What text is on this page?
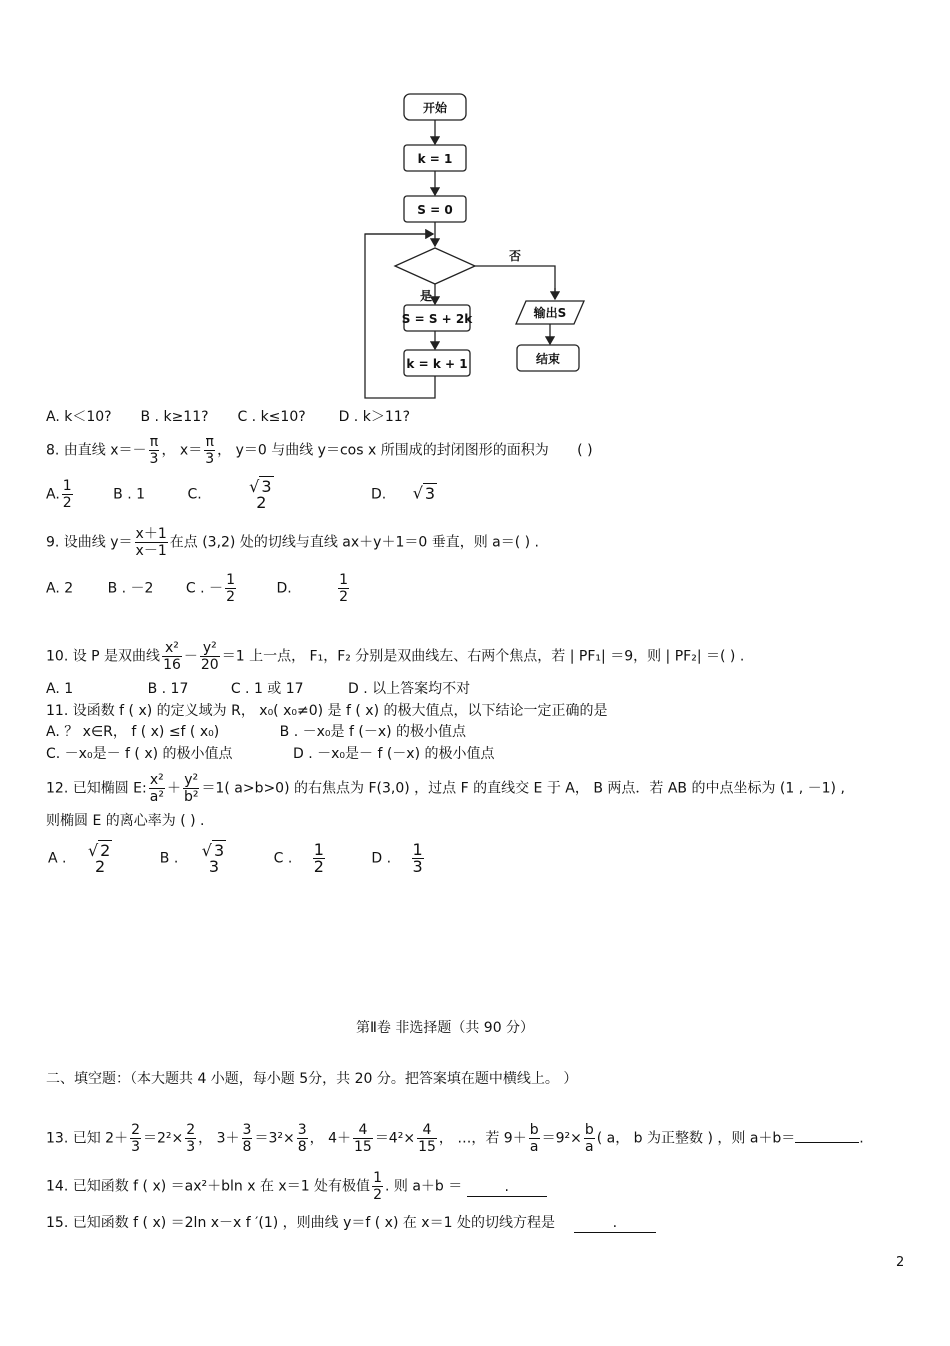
开始
k = 1
S = 0
否
是
S = S + 2k
k = k + 1
输出S
结束
A. k＜10? B . k≥11? C . k≤10? D . k＞11?
8. 由直线 $x=- \frac{\pi}{3}$ ， $x= \frac{\pi}{3}$ ， y＝0 与曲线 y＝cos x 所围成的封闭图形的面积为 ( )
A. $\frac{1}{2}$	B . 1	C.	√ 3
2	D. √ 3
9. 设曲线 $y= \frac{x+1}{x-1}$ 在点 (3,2) 处的切线与直线 ax＋y＋1＝0 垂直，则 a＝( ) .
A. 2 B . －2 C . － $\frac{1}{2}$	D.	$\frac{1}{2}$
10. 设 P 是双曲线 $\frac{\text{x²}}{16} - \frac{\text{y²}}{20} =1$ 上一点， F₁，F₂ 分别是双曲线左、右两个焦点，若 | PF₁| ＝9，则 | PF₂| ＝( ) .
A. 1	B . 17	C . 1 或 17	D . 以上答案均不对
11. 设函数 f ( x) 的定义域为 R， x₀( x₀≠0) 是 f ( x) 的极大值点，以下结论一定正确的是
A. ？ x∈R， f ( x) ≤f ( x₀)	B . －x₀是 f (－x) 的极小值点
C. －x₀是－ f ( x) 的极小值点	D . －x₀是－ f (－x) 的极小值点
12. 已知椭圆 E: $\frac{\text{x²}}{\text{a²}} + \frac{\text{y²}}{\text{b²}} =1$( a>b>0) 的右焦点为 F(3,0) ，过点 F 的直线交 E 于 A， B 两点．若 AB 的中点坐标为 (1 , －1) ,
则椭圆 E 的离心率为 ( ) .
A . √ 2
2	B . √ 3
3	C . $\frac{1}{2}$	D . $\frac{1}{3}$
第Ⅱ卷 非选择题（共 90 分）
二、填空题：（本大题共 4 小题，每小题 5分，共 20 分。把答案填在题中横线上。 ）
13. 已知 $2+ \frac{2}{3} =2^2\times \frac{2}{3}$ ， $3+ \frac{3}{8} =3^2\times \frac{3}{8}$ ， $4+ \frac{4}{15} =4^2\times \frac{4}{15}$ ， …，若 $9+ \frac{b}{a} =9^2\times \frac{b}{a}$ ( a， b 为正整数 ) ，则 a＋b＝	.
14. 已知函数 f ( x) ＝ax²＋bln x 在 x＝1 处有极值 $\frac{1}{2}$ . 则 a＋b ＝	.
15. 已知函数 f ( x) ＝2ln x－x f ′(1) ，则曲线 y＝f ( x) 在 x＝1 处的切线方程是	.
2
